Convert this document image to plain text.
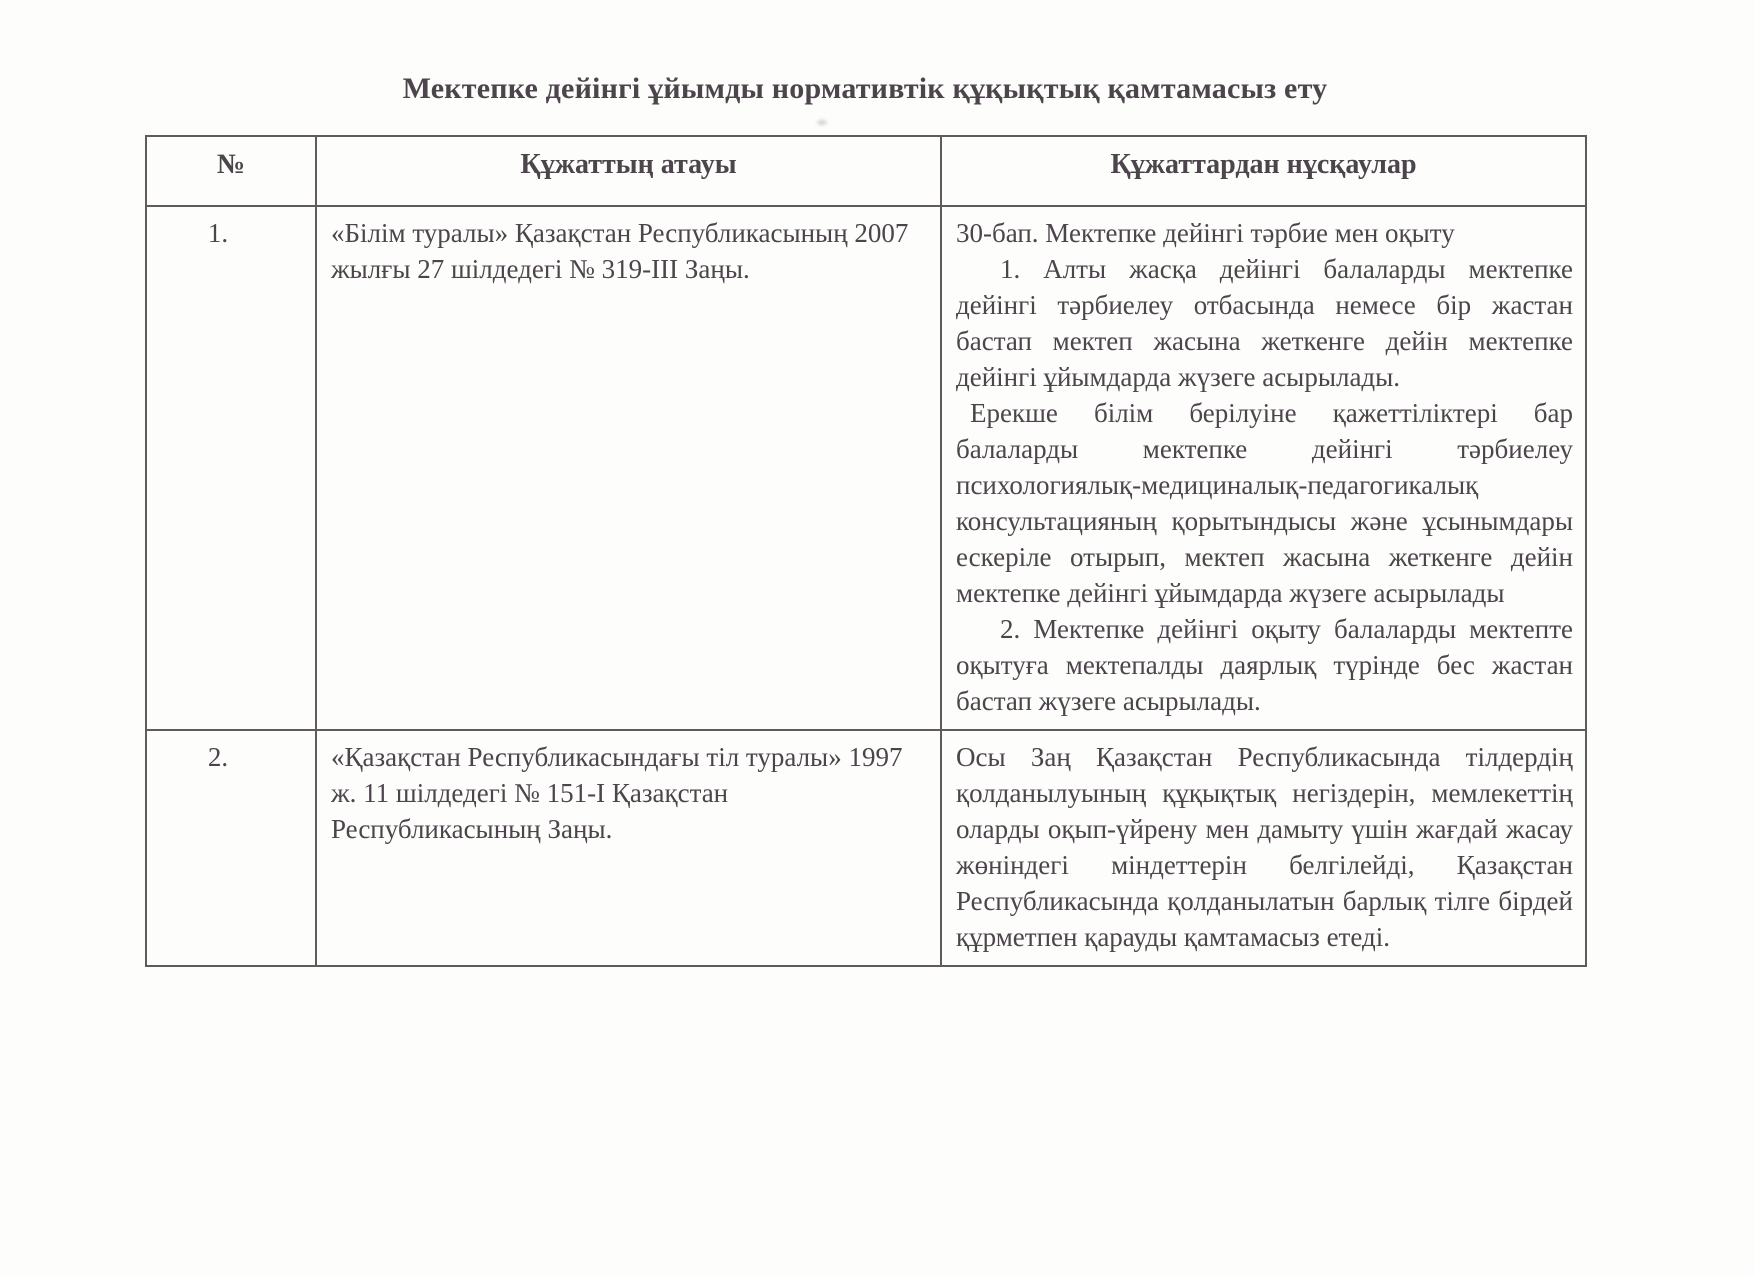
Мектепке дейінгі ұйымды нормативтік құқықтық қамтамасыз ету
№	Құжаттың атауы	Құжаттардан нұсқаулар
1.	«Білім туралы» Қазақстан Республикасының 2007 жылғы 27 шілдедегі № 319-III Заңы.	30-бап. Мектепке дейінгі тәрбие мен оқыту

1. Алты жасқа дейінгі балаларды мектепке дейінгі тәрбиелеу отбасында немесе бір жастан бастап мектеп жасына жеткенге дейін мектепке дейінгі ұйымдарда жүзеге асырылады.

Ерекше білім берілуіне қажеттіліктері бар балаларды мектепке дейінгі тәрбиелеу психологиялық-медициналық-педагогикалық консультацияның қорытындысы және ұсынымдары ескеріле отырып, мектеп жасына жеткенге дейін мектепке дейінгі ұйымдарда жүзеге асырылады

2. Мектепке дейінгі оқыту балаларды мектепте оқытуға мектепалды даярлық түрінде бес жастан бастап жүзеге асырылады.

2.	«Қазақстан Республикасындағы тіл туралы» 1997 ж. 11 шілдедегі № 151-I Қазақстан Республикасының Заңы.	Осы Заң Қазақстан Республикасында тілдердің қолданылуының құқықтық негіздерін, мемлекеттің оларды оқып-үйрену мен дамыту үшін жағдай жасау жөніндегі міндеттерін белгілейді, Қазақстан Республикасында қолданылатын барлық тілге бірдей құрметпен қарауды қамтамасыз етеді.
